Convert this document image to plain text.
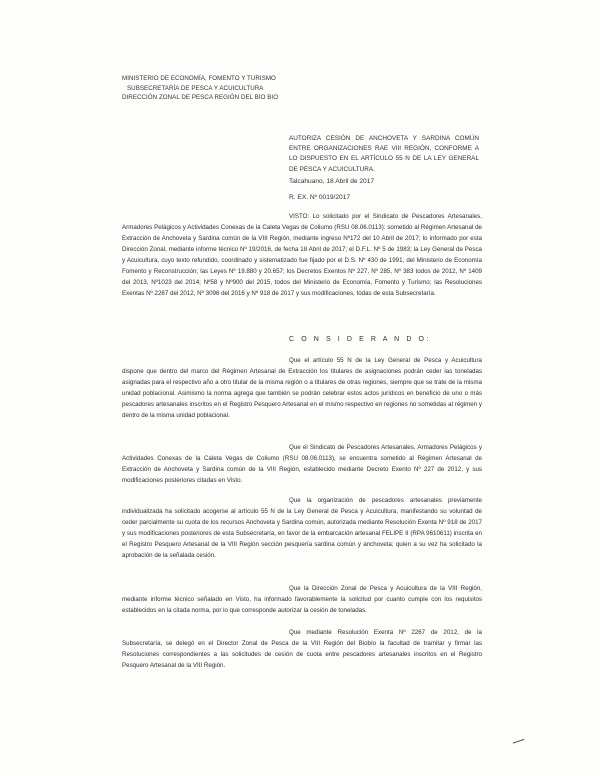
MINISTERIO DE ECONOMÍA, FOMENTO Y TURISMO
SUBSECRETARÍA DE PESCA Y ACUICULTURA
DIRECCIÓN ZONAL DE PESCA REGIÓN DEL BIO BIO
AUTORIZA CESIÓN DE ANCHOVETA Y SARDINA COMÚN ENTRE ORGANIZACIONES RAE VIII REGIÓN, CONFORME A LO DISPUESTO EN EL ARTÍCULO 55 N DE LA LEY GENERAL DE PESCA Y ACUICULTURA.
Talcahuano, 18 Abril de 2017
R. EX. Nº 0019/2017
VISTO: Lo solicitado por el Sindicato de Pescadores Artesanales, Armadores Pelágicos y Actividades Conexas de la Caleta Vegas de Coliumo (RSU 08.06.0113): sometido al Régimen Artesanal de Extracción de Anchoveta y Sardina común de la VIII Región, mediante ingreso Nº172 del 10 Abril de 2017; lo informado por esta Dirección Zonal, mediante informe técnico Nº 19/2016, de fecha 18 Abril de 2017; el D.F.L. Nº 5 de 1983; la Ley General de Pesca y Acuicultura, cuyo texto refundido, coordinado y sistematizado fue fijado por el D.S. Nº 430 de 1991, del Ministerio de Economía Fomento y Reconstrucción; las Leyes Nº 19.880 y 20.657; los Decretos Exentos Nº 227, Nº 285, Nº 383 todos de 2012, Nº 1409 del 2013, Nº1023 del 2014; Nº58 y Nº900 del 2015, todos del Ministerio de Economía, Fomento y Turismo; las Resoluciones Exentas Nº 2267 del 2012, Nº 3096 del 2016 y Nº 918 de 2017 y sus modificaciones, todas de esta Subsecretaría.
C O N S I D E R A N D O:
Que el artículo 55 N de la Ley General de Pesca y Acuicultura dispone que dentro del marco del Régimen Artesanal de Extracción los titulares de asignaciones podrán ceder las toneladas asignadas para el respectivo año a otro titular de la misma región o a titulares de otras regiones, siempre que se trate de la misma unidad poblacional. Asimismo la norma agrega que también se podrán celebrar estos actos jurídicos en beneficio de uno o más pescadores artesanales inscritos en el Registro Pesquero Artesanal en el mismo respectivo en regiones no sometidas al régimen y dentro de la misma unidad poblacional.
Que el Sindicato de Pescadores Artesanales, Armadores Pelágicos y Actividades Conexas de la Caleta Vegas de Coliumo (RSU 08.06.0113), se encuentra sometido al Régimen Artesanal de Extracción de Anchoveta y Sardina común de la VIII Región, establecido mediante Decreto Exento Nº 227 de 2012, y sus modificaciones posteriores citadas en Visto.
Que la organización de pescadores artesanales previamente individualizada ha solicitado acogerse al artículo 55 N de la Ley General de Pesca y Acuicultura, manifestando su voluntad de ceder parcialmente su cuota de los recursos Anchoveta y Sardina común, autorizada mediante Resolución Exenta Nº 918 de 2017 y sus modificaciones posteriores de esta Subsecretaría, en favor de la embarcación artesanal FELIPE II (RPA 9610611) inscrita en el Registro Pesquero Artesanal de la VIII Región sección pesquería sardina común y anchoveta; quien a su vez ha solicitado la aprobación de la señalada cesión.
Que la Dirección Zonal de Pesca y Acuicultura de la VIII Región, mediante informe técnico señalado en Visto, ha informado favorablemente la solicitud por cuanto cumple con los requisitos establecidos en la citada norma, por lo que corresponde autorizar la cesión de toneladas.
Que mediante Resolución Exenta Nº 2267 de 2012, de la Subsecretaría, se delegó en el Director Zonal de Pesca de la VIII Región del Biobío la facultad de tramitar y firmar las Resoluciones correspondientes a las solicitudes de cesión de cuota entre pescadores artesanales inscritos en el Registro Pesquero Artesanal de la VIII Región.
